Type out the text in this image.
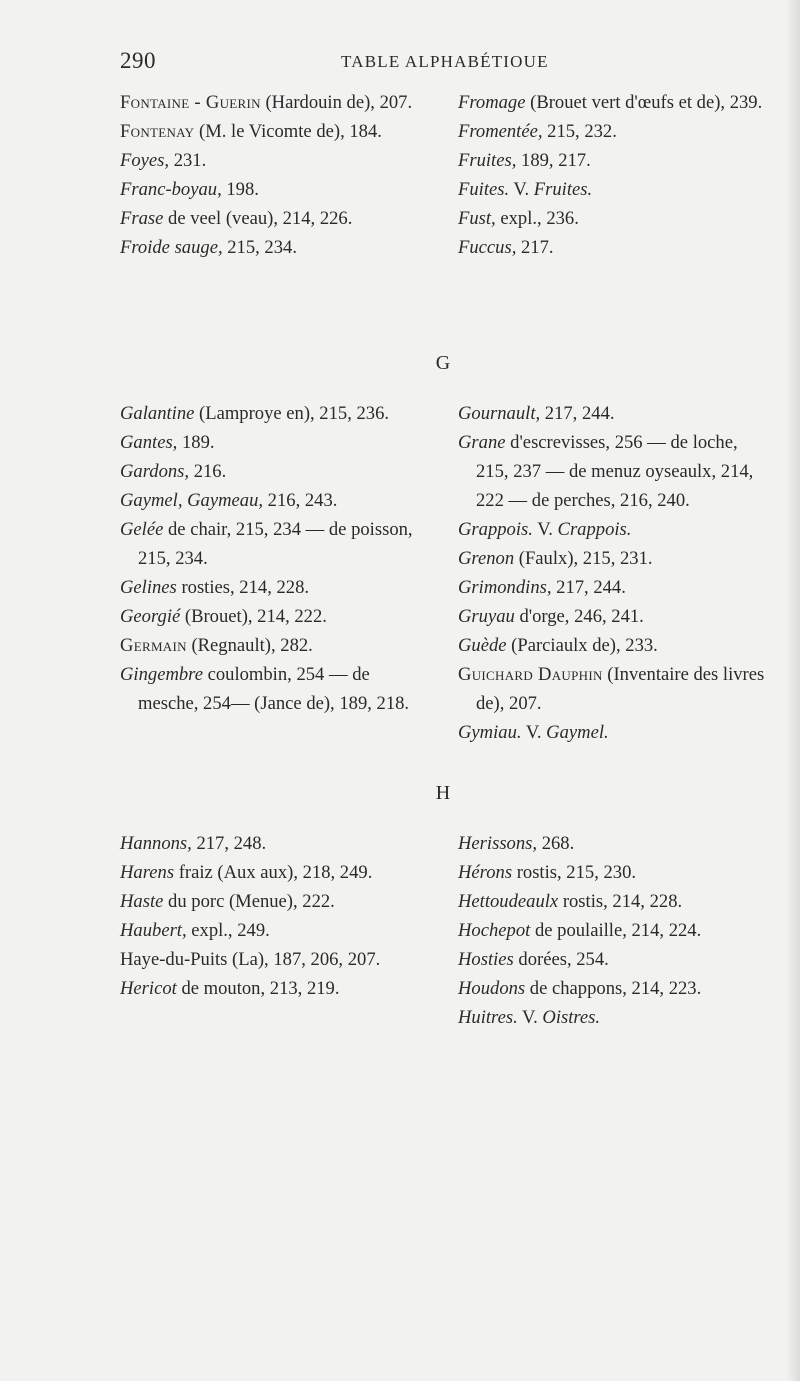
290	TABLE ALPHABÉTIOUE
Fontaine - Guerin (Hardouin de), 207.
Fontenay (M. le Vicomte de), 184.
Foyes, 231.
Franc-boyau, 198.
Frase de veel (veau), 214, 226.
Froide sauge, 215, 234.
Fromage (Brouet vert d'œufs et de), 239.
Fromentée, 215, 232.
Fruites, 189, 217.
Fuites. V. Fruites.
Fust, expl., 236.
Fuccus, 217.
G
Galantine (Lamproye en), 215, 236.
Gantes, 189.
Gardons, 216.
Gaymel, Gaymeau, 216, 243.
Gelée de chair, 215, 234 — de poisson, 215, 234.
Gelines rosties, 214, 228.
Georgié (Brouet), 214, 222.
Germain (Regnault), 282.
Gingembre coulombin, 254 — de mesche, 254— (Jance de), 189, 218.
Gournault, 217, 244.
Grane d'escrevisses, 256 — de loche, 215, 237 — de menuz oyseaulx, 214, 222 — de perches, 216, 240.
Grappois. V. Crappois.
Grenon (Faulx), 215, 231.
Grimondins, 217, 244.
Gruyau d'orge, 246, 241.
Guède (Parciaulx de), 233.
Guichard Dauphin (Inventaire des livres de), 207.
Gymiau. V. Gaymel.
H
Hannons, 217, 248.
Harens fraiz (Aux aux), 218, 249.
Haste du porc (Menue), 222.
Haubert, expl., 249.
Haye-du-Puits (La), 187, 206, 207.
Hericot de mouton, 213, 219.
Herissons, 268.
Hérons rostis, 215, 230.
Hettoudeaulx rostis, 214, 228.
Hochepot de poulaille, 214, 224.
Hosties dorées, 254.
Houdons de chappons, 214, 223.
Huitres. V. Oistres.
